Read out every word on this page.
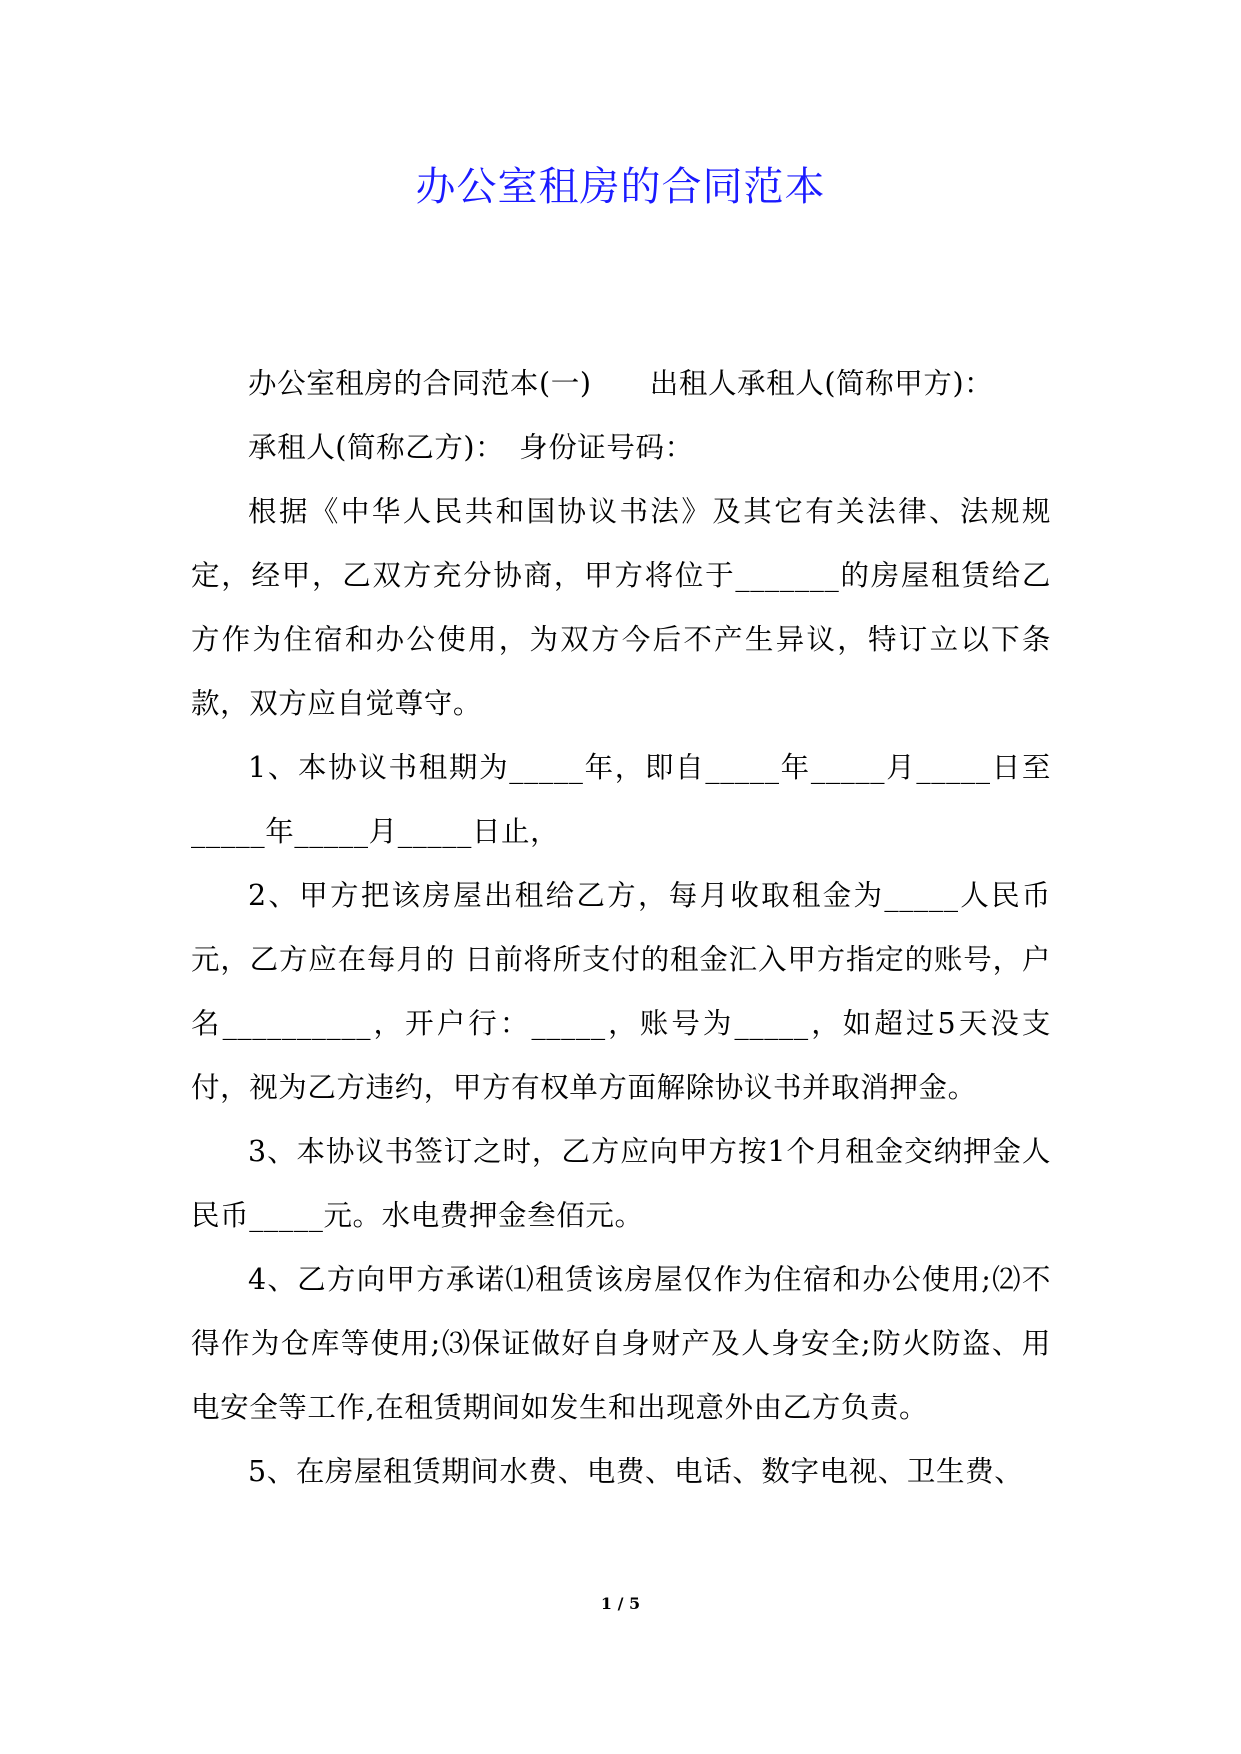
办公室租房的合同范本

办公室租房的合同范本(一)　　出租人承租人(简称甲方)：

承租人(简称乙方)：　身份证号码：

根据《中华人民共和国协议书法》及其它有关法律、法规规定，经甲，乙双方充分协商，甲方将位于_______的房屋租赁给乙方作为住宿和办公使用，为双方今后不产生异议，特订立以下条款，双方应自觉尊守。

1、本协议书租期为_____年，即自_____年_____月_____日至_____年_____月_____日止，

2、甲方把该房屋出租给乙方，每月收取租金为_____人民币元，乙方应在每月的 日前将所支付的租金汇入甲方指定的账号，户名__________，开户行：_____，账号为_____，如超过5天没支付，视为乙方违约，甲方有权单方面解除协议书并取消押金。

3、本协议书签订之时，乙方应向甲方按1个月租金交纳押金人民币_____元。水电费押金叁佰元。

4、乙方向甲方承诺⑴租赁该房屋仅作为住宿和办公使用;⑵不得作为仓库等使用;⑶保证做好自身财产及人身安全;防火防盗、用电安全等工作,在租赁期间如发生和出现意外由乙方负责。

5、在房屋租赁期间水费、电费、电话、数字电视、卫生费、

1 / 5
